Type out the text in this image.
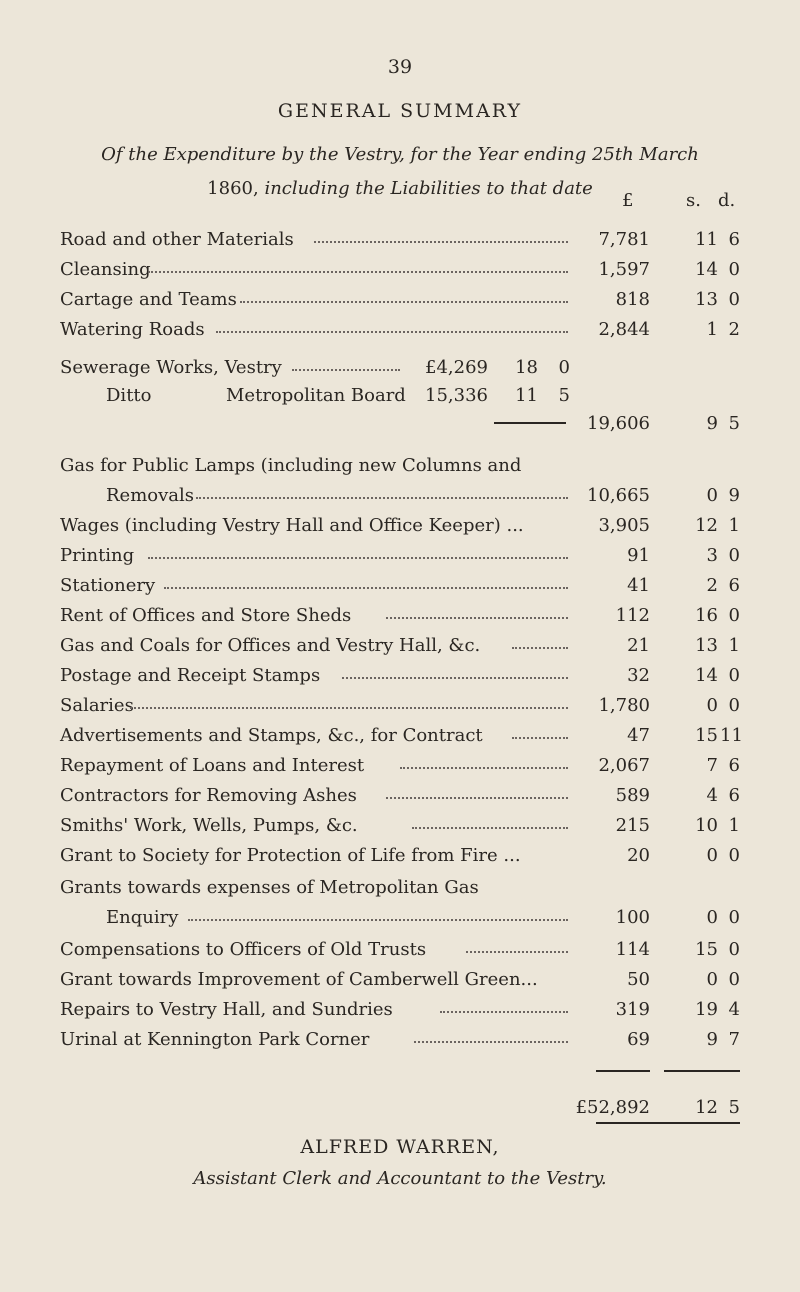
39
GENERAL SUMMARY
Of the Expenditure by the Vestry, for the Year ending 25th March
1860, including the Liabilities to that date
£	s. d.
Road and other Materials	7,781	11 6
Cleansing	1,597	14 0
Cartage and Teams	818	13 0
Watering Roads	2,844	1 2
Sewerage Works, Vestry	£4,269 18 0
Ditto	Metropolitan Board 15,336 11 5
19,606	9 5
Gas for Public Lamps (including new Columns and
Removals	10,665	0 9
Wages (including Vestry Hall and Office Keeper) ...	3,905	12 1
Printing	91	3 0
Stationery	41	2 6
Rent of Offices and Store Sheds	112	16 0
Gas and Coals for Offices and Vestry Hall, &c.	21	13 1
Postage and Receipt Stamps	32	14 0
Salaries	1,780	0 0
Advertisements and Stamps, &c., for Contract	47	15 11
Repayment of Loans and Interest	2,067	7 6
Contractors for Removing Ashes	589	4 6
Smiths' Work, Wells, Pumps, &c.	215	10 1
Grant to Society for Protection of Life from Fire ...	20	0 0
Grants towards expenses of Metropolitan Gas
Enquiry	100	0 0
Compensations to Officers of Old Trusts	114	15 0
Grant towards Improvement of Camberwell Green...	50	0 0
Repairs to Vestry Hall, and Sundries	319	19 4
Urinal at Kennington Park Corner	69	9 7
£52,892	12 5
ALFRED WARREN,
Assistant Clerk and Accountant to the Vestry.
